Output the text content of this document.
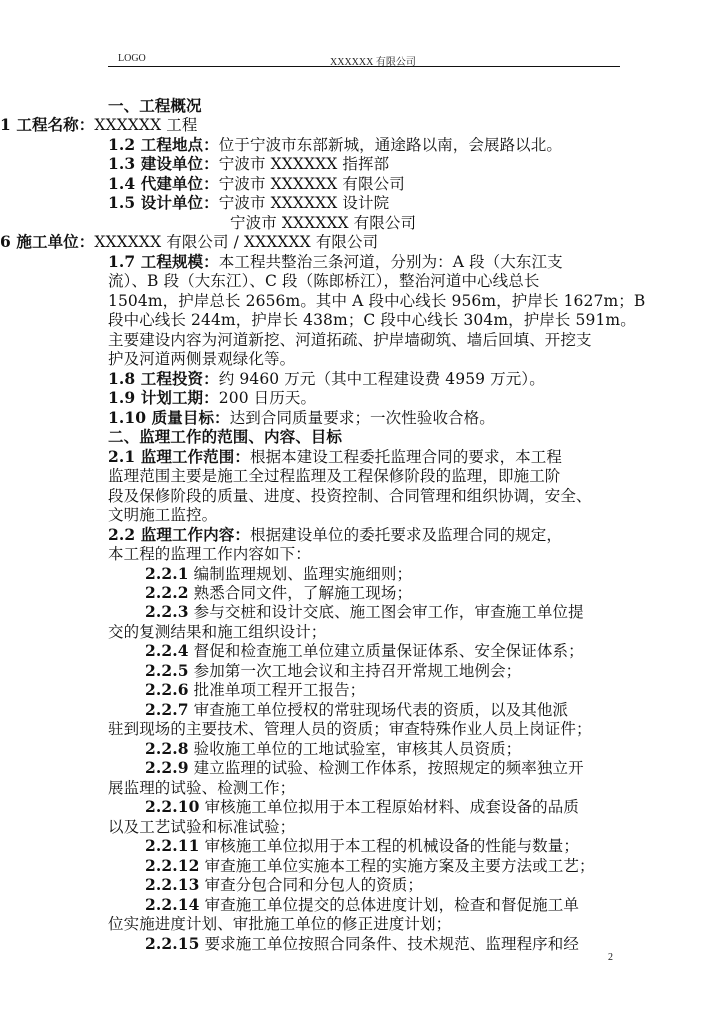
LOGO	XXXXXX 有限公司
一、工程概况
1 工程名称：XXXXXX 工程
1.2 工程地点：位于宁波市东部新城，通途路以南，会展路以北。
1.3 建设单位：宁波市 XXXXXX 指挥部
1.4 代建单位：宁波市 XXXXXX 有限公司
1.5 设计单位：宁波市 XXXXXX 设计院
宁波市 XXXXXX 有限公司
6 施工单位：XXXXXX 有限公司 / XXXXXX 有限公司
1.7 工程规模：本工程共整治三条河道，分别为：A 段（大东江支
流）、B 段（大东江）、C 段（陈郎桥江），整治河道中心线总长
1504m，护岸总长 2656m。其中 A 段中心线长 956m，护岸长 1627m；B
段中心线长 244m，护岸长 438m；C 段中心线长 304m，护岸长 591m。
主要建设内容为河道新挖、河道拓疏、护岸墙砌筑、墙后回填、开挖支
护及河道两侧景观绿化等。
1.8 工程投资：约 9460 万元（其中工程建设费 4959 万元）。
1.9 计划工期：200 日历天。
1.10 质量目标：达到合同质量要求；一次性验收合格。
二、监理工作的范围、内容、目标
2.1 监理工作范围：根据本建设工程委托监理合同的要求，本工程
监理范围主要是施工全过程监理及工程保修阶段的监理，即施工阶
段及保修阶段的质量、进度、投资控制、合同管理和组织协调，安全、
文明施工监控。
2.2 监理工作内容：根据建设单位的委托要求及监理合同的规定，
本工程的监理工作内容如下：
2.2.1 编制监理规划、监理实施细则；
2.2.2 熟悉合同文件，了解施工现场；
2.2.3 参与交桩和设计交底、施工图会审工作，审查施工单位提
交的复测结果和施工组织设计；
2.2.4 督促和检查施工单位建立质量保证体系、安全保证体系；
2.2.5 参加第一次工地会议和主持召开常规工地例会；
2.2.6 批准单项工程开工报告；
2.2.7 审查施工单位授权的常驻现场代表的资质，以及其他派
驻到现场的主要技术、管理人员的资质；审查特殊作业人员上岗证件；
2.2.8 验收施工单位的工地试验室，审核其人员资质；
2.2.9 建立监理的试验、检测工作体系，按照规定的频率独立开
展监理的试验、检测工作；
2.2.10 审核施工单位拟用于本工程原始材料、成套设备的品质
以及工艺试验和标准试验；
2.2.11 审核施工单位拟用于本工程的机械设备的性能与数量；
2.2.12 审查施工单位实施本工程的实施方案及主要方法或工艺；
2.2.13 审查分包合同和分包人的资质；
2.2.14 审查施工单位提交的总体进度计划，检查和督促施工单
位实施进度计划、审批施工单位的修正进度计划；
2.2.15 要求施工单位按照合同条件、技术规范、监理程序和经
2
